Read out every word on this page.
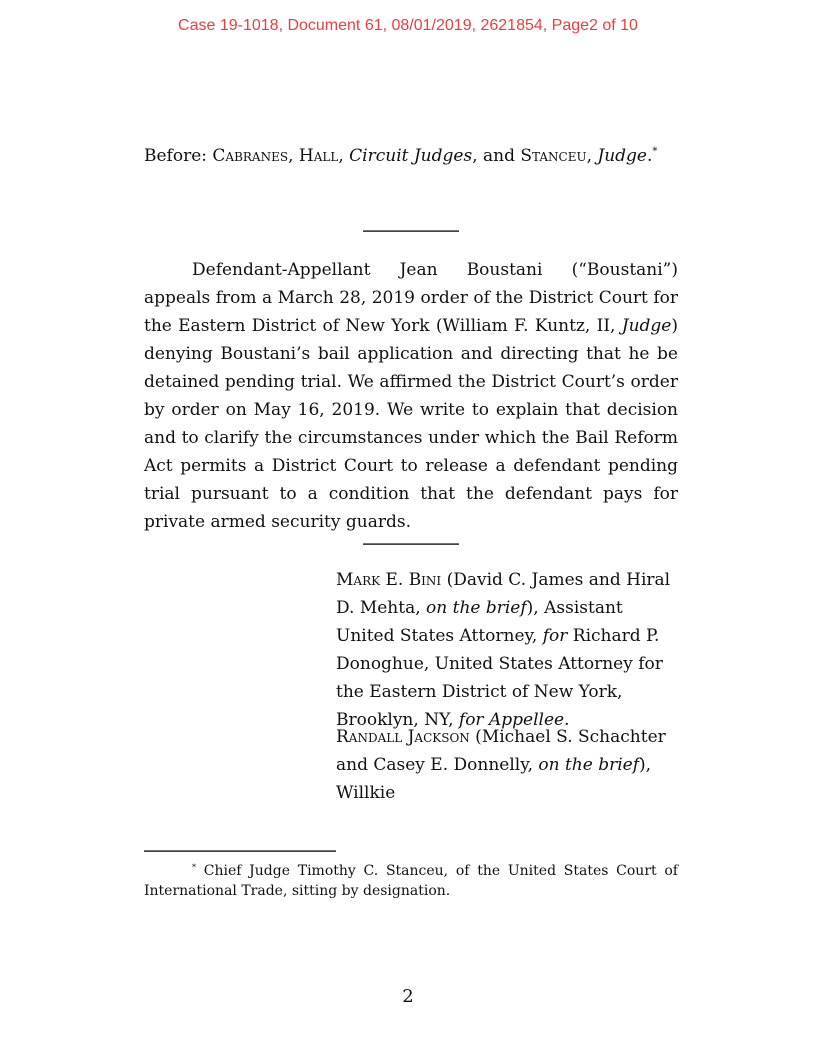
Case 19-1018, Document 61, 08/01/2019, 2621854, Page2 of 10
Before: Cabranes, Hall, Circuit Judges, and Stanceu, Judge.*

Defendant-Appellant Jean Boustani (“Boustani”) appeals from a March 28, 2019 order of the District Court for the Eastern District of New York (William F. Kuntz, II, Judge) denying Boustani’s bail application and directing that he be detained pending trial. We affirmed the District Court’s order by order on May 16, 2019. We write to explain that decision and to clarify the circumstances under which the Bail Reform Act permits a District Court to release a defendant pending trial pursuant to a condition that the defendant pays for private armed security guards.

Mark E. Bini (David C. James and Hiral D. Mehta, on the brief), Assistant United States Attorney, for Richard P. Donoghue, United States Attorney for the Eastern District of New York, Brooklyn, NY, for Appellee.

Randall Jackson (Michael S. Schachter and Casey E. Donnelly, on the brief), Willkie

* Chief Judge Timothy C. Stanceu, of the United States Court of International Trade, sitting by designation.

2
